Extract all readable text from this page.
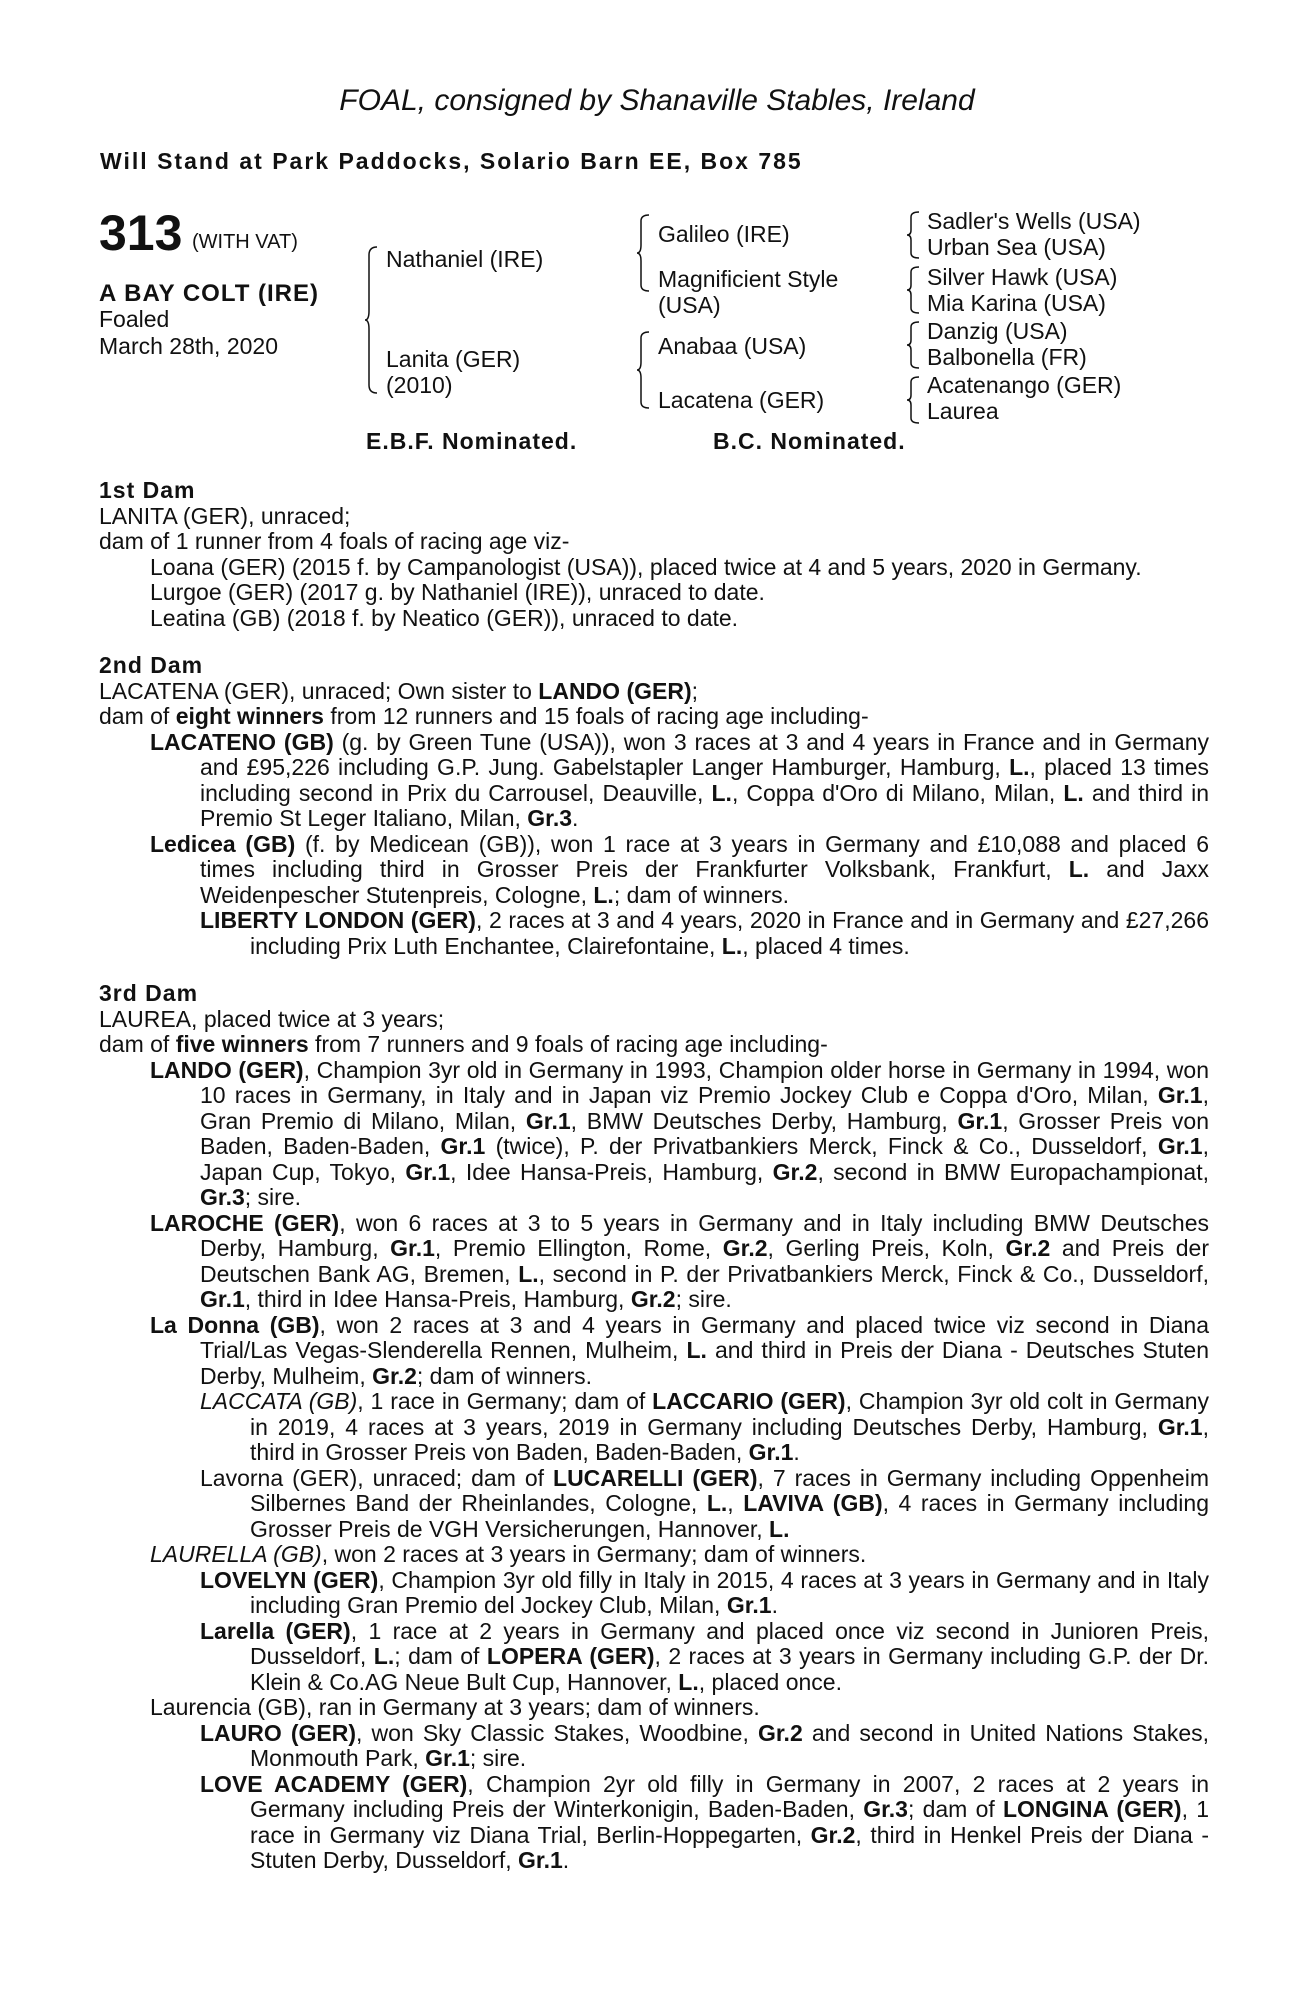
FOAL, consigned by Shanaville Stables, Ireland
Will Stand at Park Paddocks, Solario Barn EE, Box 785
313 (WITH VAT)
A BAY COLT (IRE)
Foaled
March 28th, 2020
Nathaniel (IRE)
Lanita (GER)
(2010)
Galileo (IRE)
Magnificient Style
(USA)
Anabaa (USA)
Lacatena (GER)
Sadler's Wells (USA)
Urban Sea (USA)
Silver Hawk (USA)
Mia Karina (USA)
Danzig (USA)
Balbonella (FR)
Acatenango (GER)
Laurea
E.B.F. Nominated.	B.C. Nominated.
1st Dam
LANITA (GER), unraced;
dam of 1 runner from 4 foals of racing age viz-
Loana (GER) (2015 f. by Campanologist (USA)), placed twice at 4 and 5 years, 2020 in Germany.
Lurgoe (GER) (2017 g. by Nathaniel (IRE)), unraced to date.
Leatina (GB) (2018 f. by Neatico (GER)), unraced to date.
2nd Dam
LACATENA (GER), unraced; Own sister to LANDO (GER);
dam of eight winners from 12 runners and 15 foals of racing age including-
LACATENO (GB) (g. by Green Tune (USA)), won 3 races at 3 and 4 years in France and in Germany and £95,226 including G.P. Jung. Gabelstapler Langer Hamburger, Hamburg, L., placed 13 times including second in Prix du Carrousel, Deauville, L., Coppa d'Oro di Milano, Milan, L. and third in Premio St Leger Italiano, Milan, Gr.3.
Ledicea (GB) (f. by Medicean (GB)), won 1 race at 3 years in Germany and £10,088 and placed 6 times including third in Grosser Preis der Frankfurter Volksbank, Frankfurt, L. and Jaxx Weidenpescher Stutenpreis, Cologne, L.; dam of winners.
LIBERTY LONDON (GER), 2 races at 3 and 4 years, 2020 in France and in Germany and £27,266 including Prix Luth Enchantee, Clairefontaine, L., placed 4 times.
3rd Dam
LAUREA, placed twice at 3 years;
dam of five winners from 7 runners and 9 foals of racing age including-
LANDO (GER), Champion 3yr old in Germany in 1993, Champion older horse in Germany in 1994, won 10 races in Germany, in Italy and in Japan viz Premio Jockey Club e Coppa d'Oro, Milan, Gr.1, Gran Premio di Milano, Milan, Gr.1, BMW Deutsches Derby, Hamburg, Gr.1, Grosser Preis von Baden, Baden-Baden, Gr.1 (twice), P. der Privatbankiers Merck, Finck & Co., Dusseldorf, Gr.1, Japan Cup, Tokyo, Gr.1, Idee Hansa-Preis, Hamburg, Gr.2, second in BMW Europachampionat, Gr.3; sire.
LAROCHE (GER), won 6 races at 3 to 5 years in Germany and in Italy including BMW Deutsches Derby, Hamburg, Gr.1, Premio Ellington, Rome, Gr.2, Gerling Preis, Koln, Gr.2 and Preis der Deutschen Bank AG, Bremen, L., second in P. der Privatbankiers Merck, Finck & Co., Dusseldorf, Gr.1, third in Idee Hansa-Preis, Hamburg, Gr.2; sire.
La Donna (GB), won 2 races at 3 and 4 years in Germany and placed twice viz second in Diana Trial/Las Vegas-Slenderella Rennen, Mulheim, L. and third in Preis der Diana - Deutsches Stuten Derby, Mulheim, Gr.2; dam of winners.
LACCATA (GB), 1 race in Germany; dam of LACCARIO (GER), Champion 3yr old colt in Germany in 2019, 4 races at 3 years, 2019 in Germany including Deutsches Derby, Hamburg, Gr.1, third in Grosser Preis von Baden, Baden-Baden, Gr.1.
Lavorna (GER), unraced; dam of LUCARELLI (GER), 7 races in Germany including Oppenheim Silbernes Band der Rheinlandes, Cologne, L., LAVIVA (GB), 4 races in Germany including Grosser Preis de VGH Versicherungen, Hannover, L.
LAURELLA (GB), won 2 races at 3 years in Germany; dam of winners.
LOVELYN (GER), Champion 3yr old filly in Italy in 2015, 4 races at 3 years in Germany and in Italy including Gran Premio del Jockey Club, Milan, Gr.1.
Larella (GER), 1 race at 2 years in Germany and placed once viz second in Junioren Preis, Dusseldorf, L.; dam of LOPERA (GER), 2 races at 3 years in Germany including G.P. der Dr. Klein & Co.AG Neue Bult Cup, Hannover, L., placed once.
Laurencia (GB), ran in Germany at 3 years; dam of winners.
LAURO (GER), won Sky Classic Stakes, Woodbine, Gr.2 and second in United Nations Stakes, Monmouth Park, Gr.1; sire.
LOVE ACADEMY (GER), Champion 2yr old filly in Germany in 2007, 2 races at 2 years in Germany including Preis der Winterkonigin, Baden-Baden, Gr.3; dam of LONGINA (GER), 1 race in Germany viz Diana Trial, Berlin-Hoppegarten, Gr.2, third in Henkel Preis der Diana - Stuten Derby, Dusseldorf, Gr.1.
